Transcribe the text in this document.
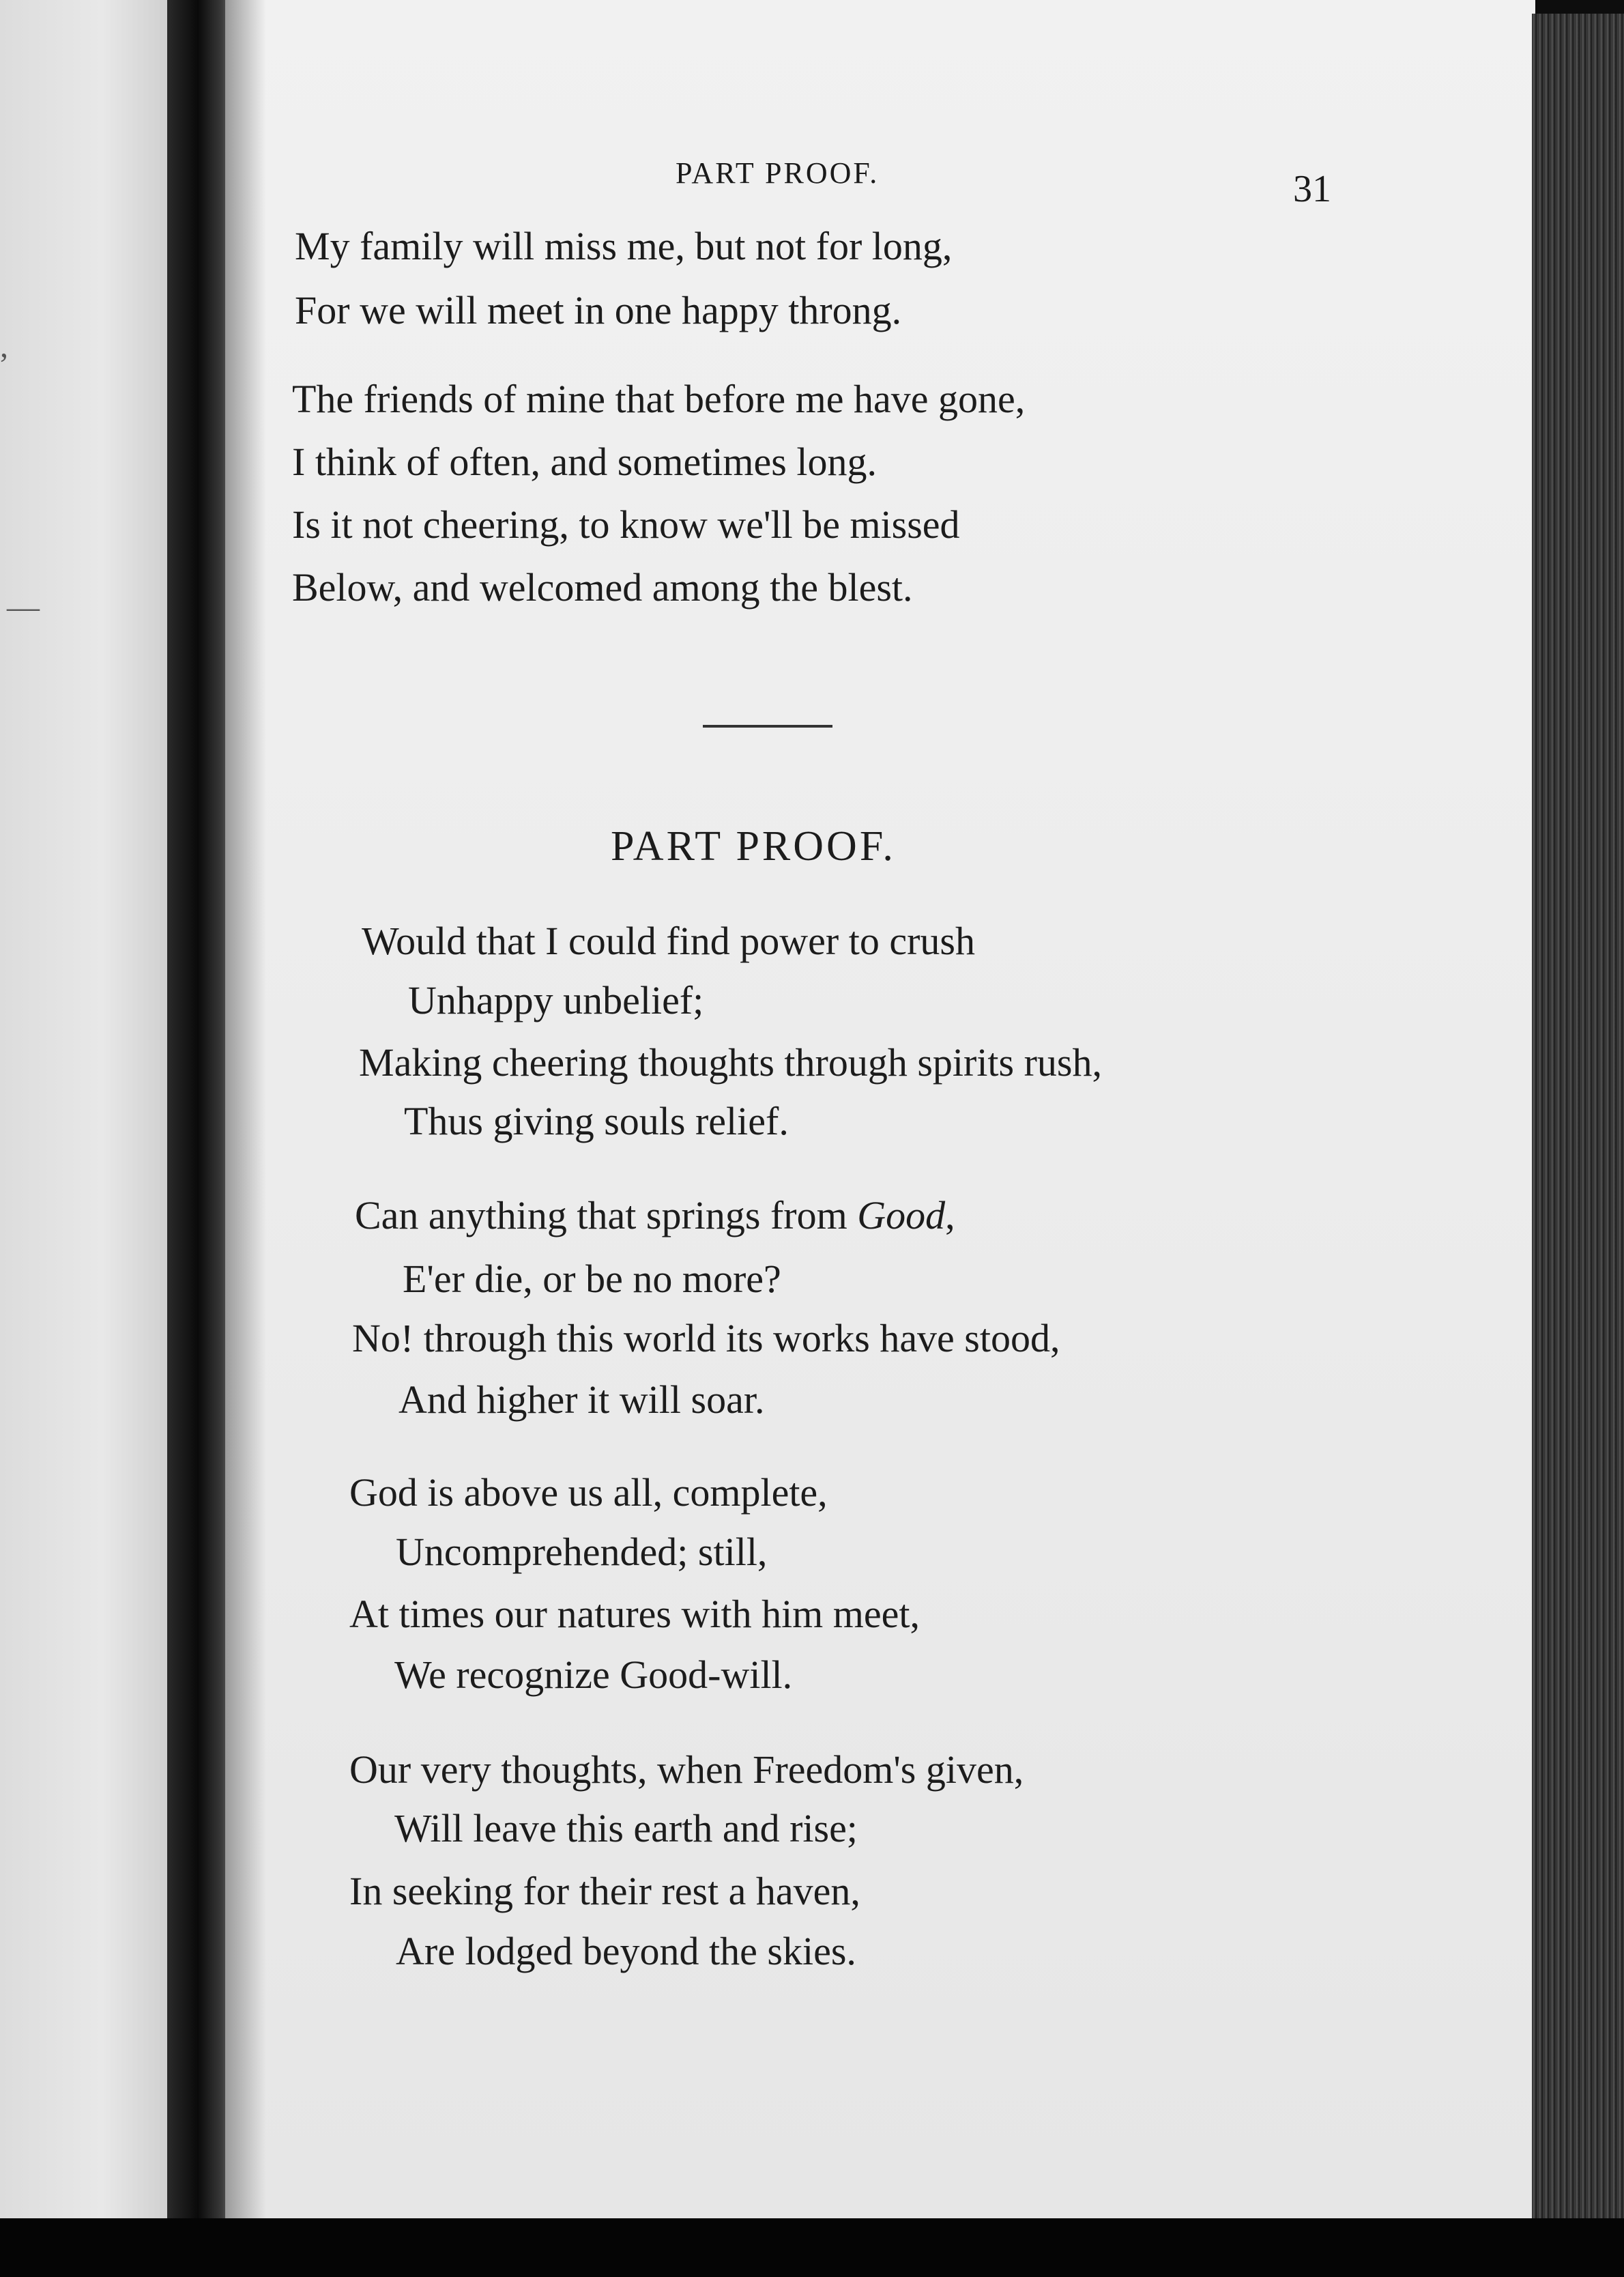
,
—
PART PROOF.	31
My family will miss me, but not for long,
For we will meet in one happy throng.
The friends of mine that before me have gone,
I think of often, and sometimes long.
Is it not cheering, to know we'll be missed
Below, and welcomed among the blest.
PART PROOF.
Would that I could find power to crush
Unhappy unbelief;
Making cheering thoughts through spirits rush,
Thus giving souls relief.
Can anything that springs from Good,
E'er die, or be no more?
No! through this world its works have stood,
And higher it will soar.
God is above us all, complete,
Uncomprehended; still,
At times our natures with him meet,
We recognize Good-will.
Our very thoughts, when Freedom's given,
Will leave this earth and rise;
In seeking for their rest a haven,
Are lodged beyond the skies.
